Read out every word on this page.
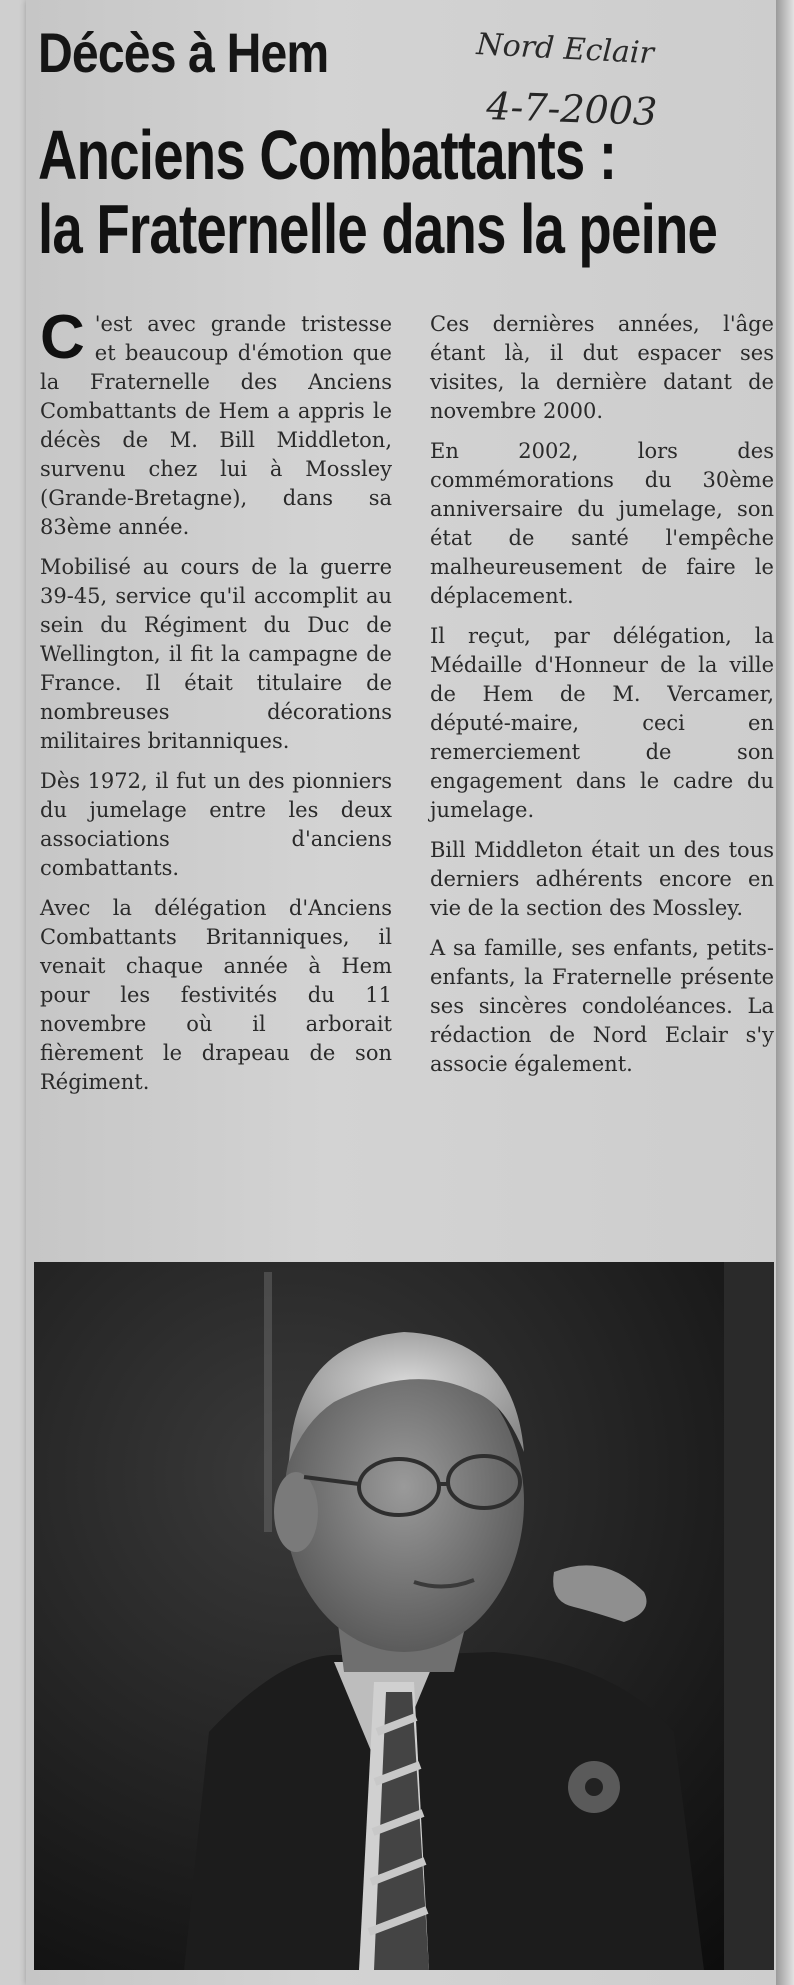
Décès à Hem	Nord Eclair
4-7-2003
Anciens Combattants :
la Fraternelle dans la peine

C 'est avec grande tristesse et beaucoup d'émotion que la Fraternelle des Anciens Combattants de Hem a appris le décès de M. Bill Middleton, survenu chez lui à Mossley (Grande-Bretagne), dans sa 83ème année.

Mobilisé au cours de la guerre 39-45, service qu'il accomplit au sein du Régiment du Duc de Wellington, il fit la campagne de France. Il était titulaire de nombreuses décorations militaires britanniques.

Dès 1972, il fut un des pionniers du jumelage entre les deux associations d'anciens combattants.

Avec la délégation d'Anciens Combattants Britanniques, il venait chaque année à Hem pour les festivités du 11 novembre où il arborait fièrement le drapeau de son Régiment.

Ces dernières années, l'âge étant là, il dut espacer ses visites, la dernière datant de novembre 2000.

En 2002, lors des commémorations du 30ème anniversaire du jumelage, son état de santé l'empêche malheureusement de faire le déplacement.

Il reçut, par délégation, la Médaille d'Honneur de la ville de Hem de M. Vercamer, député-maire, ceci en remerciement de son engagement dans le cadre du jumelage.

Bill Middleton était un des tous derniers adhérents encore en vie de la section des Mossley.

A sa famille, ses enfants, petits-enfants, la Fraternelle présente ses sincères condoléances. La rédaction de Nord Eclair s'y associe également.
